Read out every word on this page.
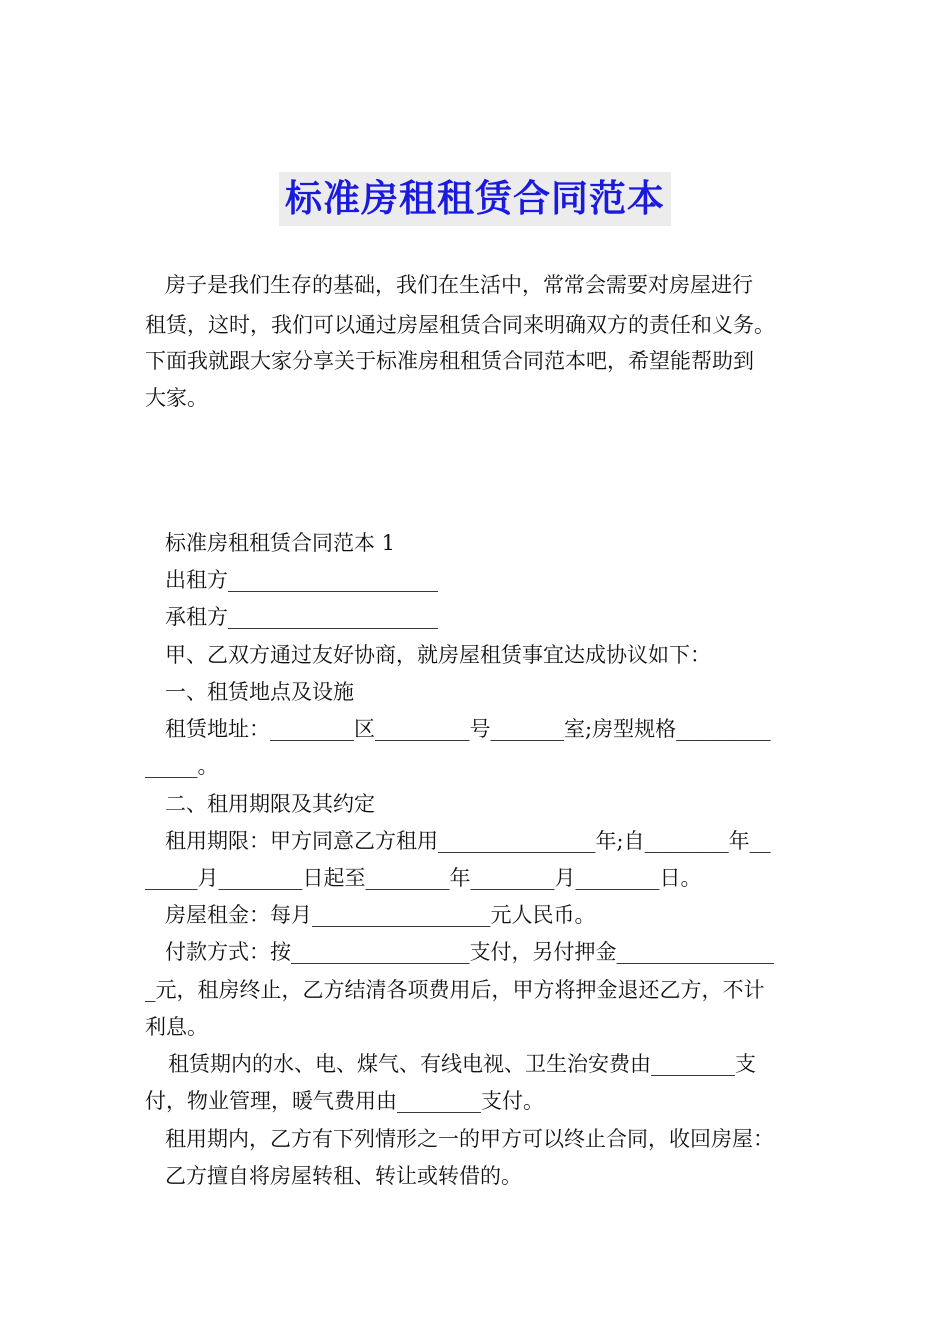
标准房租租赁合同范本
房子是我们生存的基础，我们在生活中，常常会需要对房屋进行
租赁，这时，我们可以通过房屋租赁合同来明确双方的责任和义务。
下面我就跟大家分享关于标准房租租赁合同范本吧，希望能帮助到
大家。
标准房租租赁合同范本 1
出租方____________________
承租方____________________
甲、乙双方通过友好协商，就房屋租赁事宜达成协议如下：
一、租赁地点及设施
租赁地址：________区_________号_______室;房型规格_________
_____。
二、租用期限及其约定
租用期限：甲方同意乙方租用_______________年;自________年__
_____月________日起至________年________月________日。
房屋租金：每月_________________元人民币。
付款方式：按_________________支付，另付押金_______________
_元，租房终止，乙方结清各项费用后，甲方将押金退还乙方，不计
利息。
租赁期内的水、电、煤气、有线电视、卫生治安费由________支
付，物业管理，暖气费用由________支付。
租用期内，乙方有下列情形之一的甲方可以终止合同，收回房屋：
乙方擅自将房屋转租、转让或转借的。
